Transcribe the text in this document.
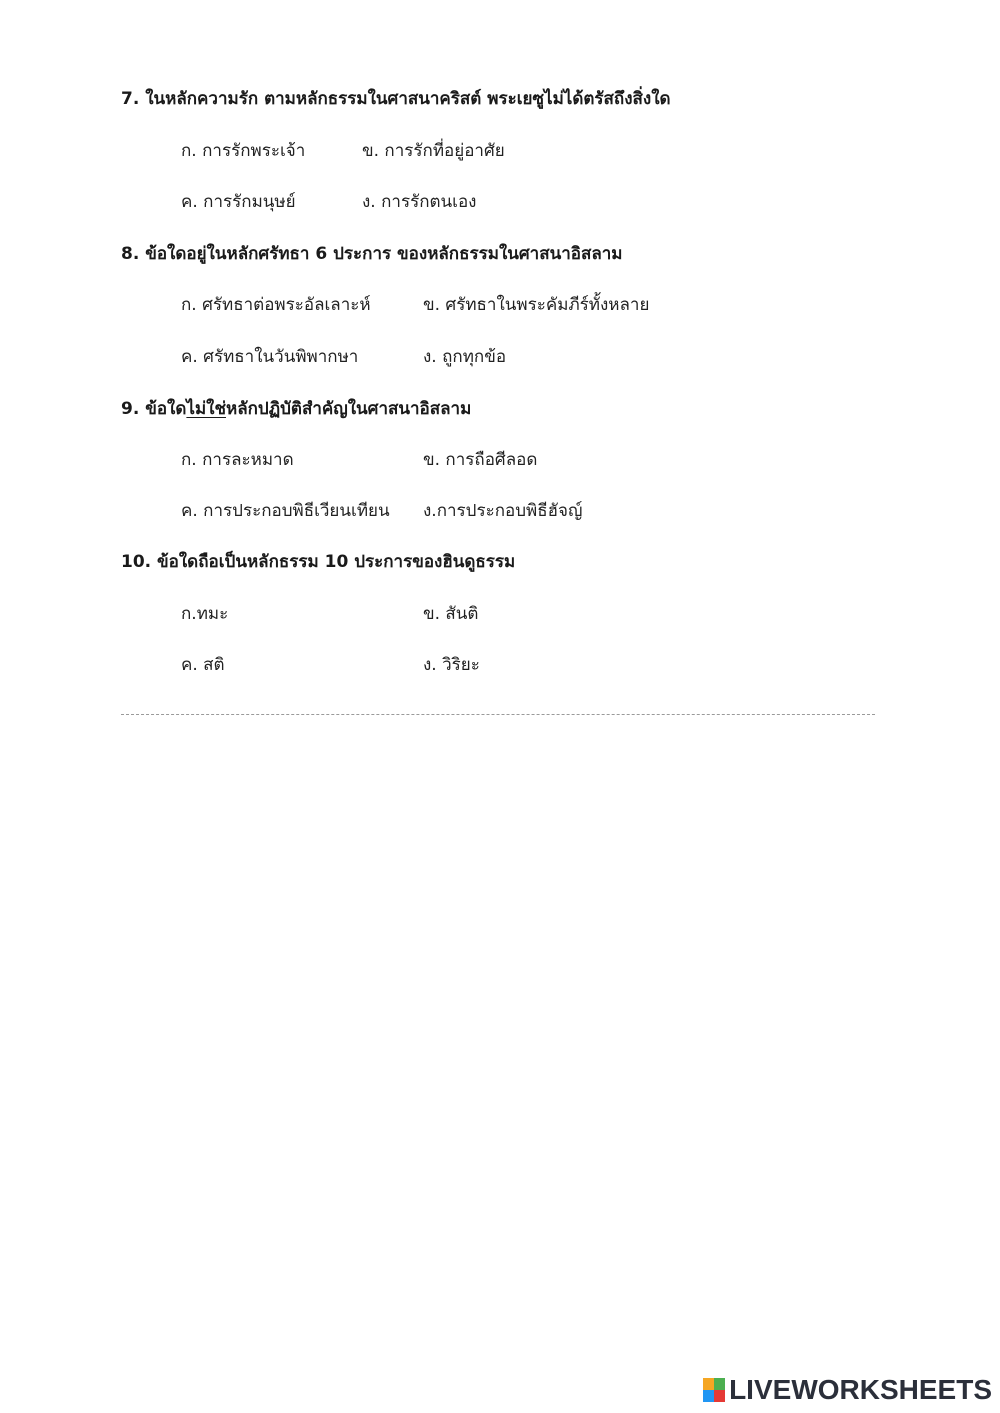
7. ในหลักความรัก ตามหลักธรรมในศาสนาคริสต์ พระเยซูไม่ได้ตรัสถึงสิ่งใด
ก. การรักพระเจ้า	ข. การรักที่อยู่อาศัย
ค. การรักมนุษย์	ง. การรักตนเอง
8. ข้อใดอยู่ในหลักศรัทธา 6 ประการ ของหลักธรรมในศาสนาอิสลาม
ก. ศรัทธาต่อพระอัลเลาะห์	ข. ศรัทธาในพระคัมภีร์ทั้งหลาย
ค. ศรัทธาในวันพิพากษา	ง. ถูกทุกข้อ
9. ข้อใดไม่ใช่หลักปฏิบัติสำคัญในศาสนาอิสลาม
ก. การละหมาด	ข. การถือศีลอด
ค. การประกอบพิธีเวียนเทียน ง.การประกอบพิธีฮัจญ์
10. ข้อใดถือเป็นหลักธรรม 10 ประการของฮินดูธรรม
ก.ทมะ	ข. สันติ
ค. สติ	ง. วิริยะ
LIVEWORKSHEETS
